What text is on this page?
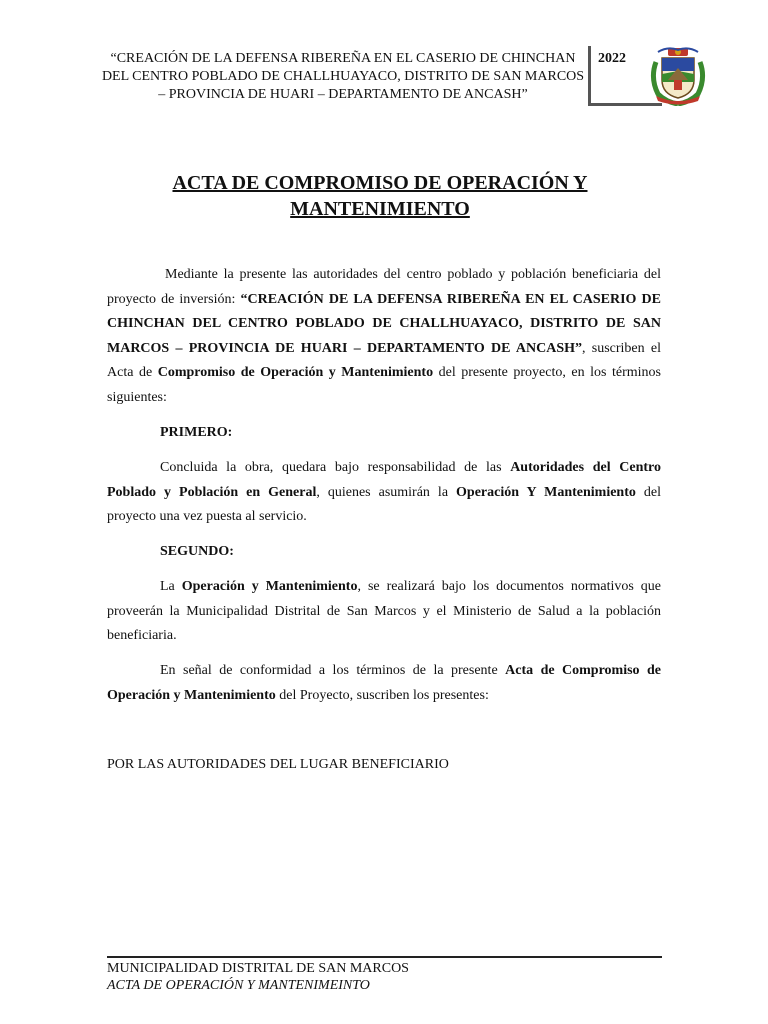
“CREACIÓN DE LA DEFENSA RIBEREÑA EN EL CASERIO DE CHINCHAN
DEL CENTRO POBLADO DE CHALLHUAYACO, DISTRITO DE SAN MARCOS
– PROVINCIA DE HUARI – DEPARTAMENTO DE ANCASH”
2022
ACTA DE COMPROMISO DE OPERACIÓN Y
MANTENIMIENTO

Mediante la presente las autoridades del centro poblado y población beneficiaria del proyecto de inversión: “CREACIÓN DE LA DEFENSA RIBEREÑA EN EL CASERIO DE CHINCHAN DEL CENTRO POBLADO DE CHALLHUAYACO, DISTRITO DE SAN MARCOS – PROVINCIA DE HUARI – DEPARTAMENTO DE ANCASH”, suscriben el Acta de Compromiso de Operación y Mantenimiento del presente proyecto, en los términos siguientes:

PRIMERO:

Concluida la obra, quedara bajo responsabilidad de las Autoridades del Centro Poblado y Población en General, quienes asumirán la Operación Y Mantenimiento del proyecto una vez puesta al servicio.

SEGUNDO:

La Operación y Mantenimiento, se realizará bajo los documentos normativos que proveerán la Municipalidad Distrital de San Marcos y el Ministerio de Salud a la población beneficiaria.

En señal de conformidad a los términos de la presente Acta de Compromiso de Operación y Mantenimiento del Proyecto, suscriben los presentes:

POR LAS AUTORIDADES DEL LUGAR BENEFICIARIO
MUNICIPALIDAD DISTRITAL DE SAN MARCOS
ACTA DE OPERACIÓN Y MANTENIMEINTO
